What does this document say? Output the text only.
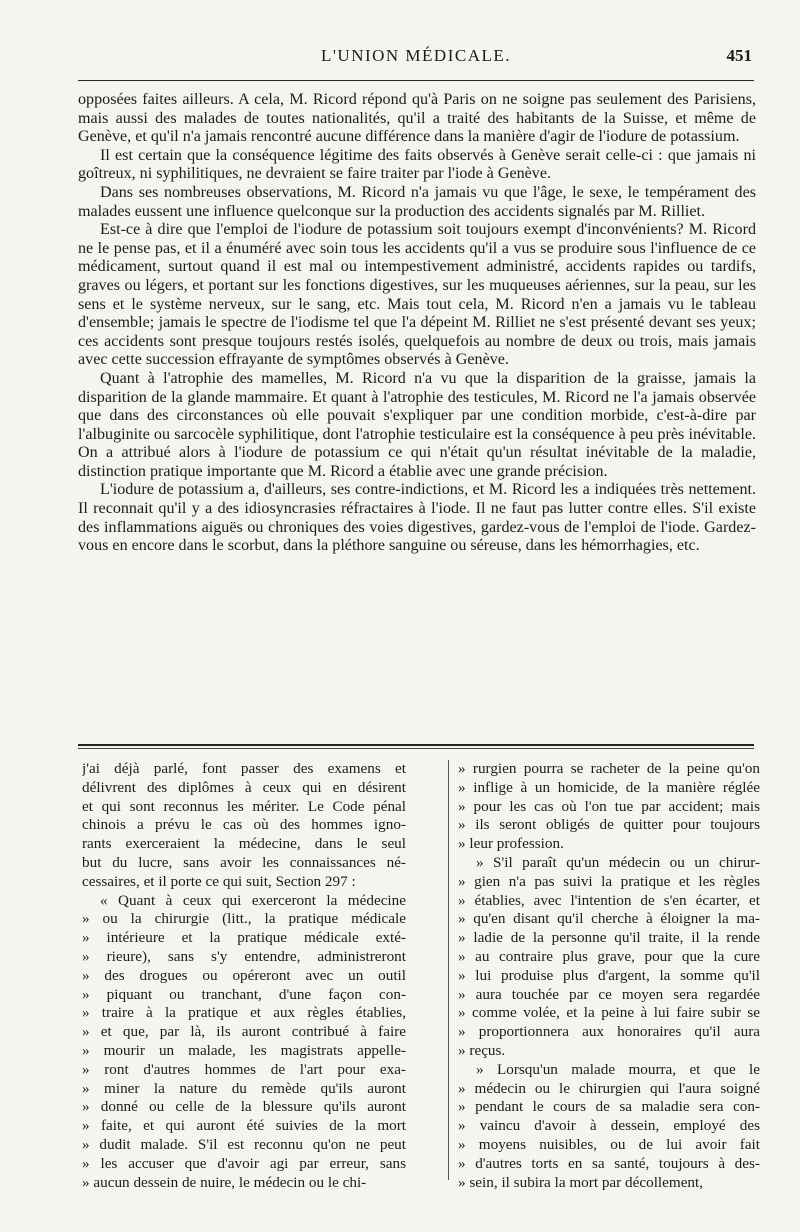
L'UNION MÉDICALE.	451

opposées faites ailleurs. A cela, M. Ricord répond qu'à Paris on ne soigne pas seulement des Parisiens, mais aussi des malades de toutes nationalités, qu'il a traité des habitants de la Suisse, et même de Genève, et qu'il n'a jamais rencontré aucune différence dans la manière d'agir de l'iodure de potassium.

Il est certain que la conséquence légitime des faits observés à Genève serait celle-ci : que jamais ni goîtreux, ni syphilitiques, ne devraient se faire traiter par l'iode à Genève.

Dans ses nombreuses observations, M. Ricord n'a jamais vu que l'âge, le sexe, le tempérament des malades eussent une influence quelconque sur la production des accidents signalés par M. Rilliet.

Est-ce à dire que l'emploi de l'iodure de potassium soit toujours exempt d'inconvénients? M. Ricord ne le pense pas, et il a énuméré avec soin tous les accidents qu'il a vus se produire sous l'influence de ce médicament, surtout quand il est mal ou intempestivement administré, accidents rapides ou tardifs, graves ou légers, et portant sur les fonctions digestives, sur les muqueuses aériennes, sur la peau, sur les sens et le système nerveux, sur le sang, etc. Mais tout cela, M. Ricord n'en a jamais vu le tableau d'ensemble; jamais le spectre de l'iodisme tel que l'a dépeint M. Rilliet ne s'est présenté devant ses yeux; ces accidents sont presque toujours restés isolés, quelquefois au nombre de deux ou trois, mais jamais avec cette succession effrayante de symptômes observés à Genève.

Quant à l'atrophie des mamelles, M. Ricord n'a vu que la disparition de la graisse, jamais la disparition de la glande mammaire. Et quant à l'atrophie des testicules, M. Ricord ne l'a jamais observée que dans des circonstances où elle pouvait s'expliquer par une condition morbide, c'est-à-dire par l'albuginite ou sarcocèle syphilitique, dont l'atrophie testiculaire est la conséquence à peu près inévitable. On a attribué alors à l'iodure de potassium ce qui n'était qu'un résultat inévitable de la maladie, distinction pratique importante que M. Ricord a établie avec une grande précision.

L'iodure de potassium a, d'ailleurs, ses contre-indictions, et M. Ricord les a indiquées très nettement. Il reconnait qu'il y a des idiosyncrasies réfractaires à l'iode. Il ne faut pas lutter contre elles. S'il existe des inflammations aiguës ou chroniques des voies digestives, gardez-vous de l'emploi de l'iode. Gardez-vous en encore dans le scorbut, dans la pléthore sanguine ou séreuse, dans les hémorrhagies, etc.

j'ai déjà parlé, font passer des examens et
délivrent des diplômes à ceux qui en désirent
et qui sont reconnus les mériter. Le Code pénal
chinois a prévu le cas où des hommes igno-
rants exerceraient la médecine, dans le seul
but du lucre, sans avoir les connaissances né-
cessaires, et il porte ce qui suit, Section 297 :
« Quant à ceux qui exerceront la médecine
» ou la chirurgie (litt., la pratique médicale
» intérieure et la pratique médicale exté-
» rieure), sans s'y entendre, administreront
» des drogues ou opéreront avec un outil
» piquant ou tranchant, d'une façon con-
» traire à la pratique et aux règles établies,
» et que, par là, ils auront contribué à faire
» mourir un malade, les magistrats appelle-
» ront d'autres hommes de l'art pour exa-
» miner la nature du remède qu'ils auront
» donné ou celle de la blessure qu'ils auront
» faite, et qui auront été suivies de la mort
» dudit malade. S'il est reconnu qu'on ne peut
» les accuser que d'avoir agi par erreur, sans
» aucun dessein de nuire, le médecin ou le chi-
» rurgien pourra se racheter de la peine qu'on
» inflige à un homicide, de la manière réglée
» pour les cas où l'on tue par accident; mais
» ils seront obligés de quitter pour toujours
» leur profession.
» S'il paraît qu'un médecin ou un chirur-
» gien n'a pas suivi la pratique et les règles
» établies, avec l'intention de s'en écarter, et
» qu'en disant qu'il cherche à éloigner la ma-
» ladie de la personne qu'il traite, il la rende
» au contraire plus grave, pour que la cure
» lui produise plus d'argent, la somme qu'il
» aura touchée par ce moyen sera regardée
» comme volée, et la peine à lui faire subir se
» proportionnera aux honoraires qu'il aura
» reçus.
» Lorsqu'un malade mourra, et que le
» médecin ou le chirurgien qui l'aura soigné
» pendant le cours de sa maladie sera con-
» vaincu d'avoir à dessein, employé des
» moyens nuisibles, ou de lui avoir fait
» d'autres torts en sa santé, toujours à des-
» sein, il subira la mort par décollement,
